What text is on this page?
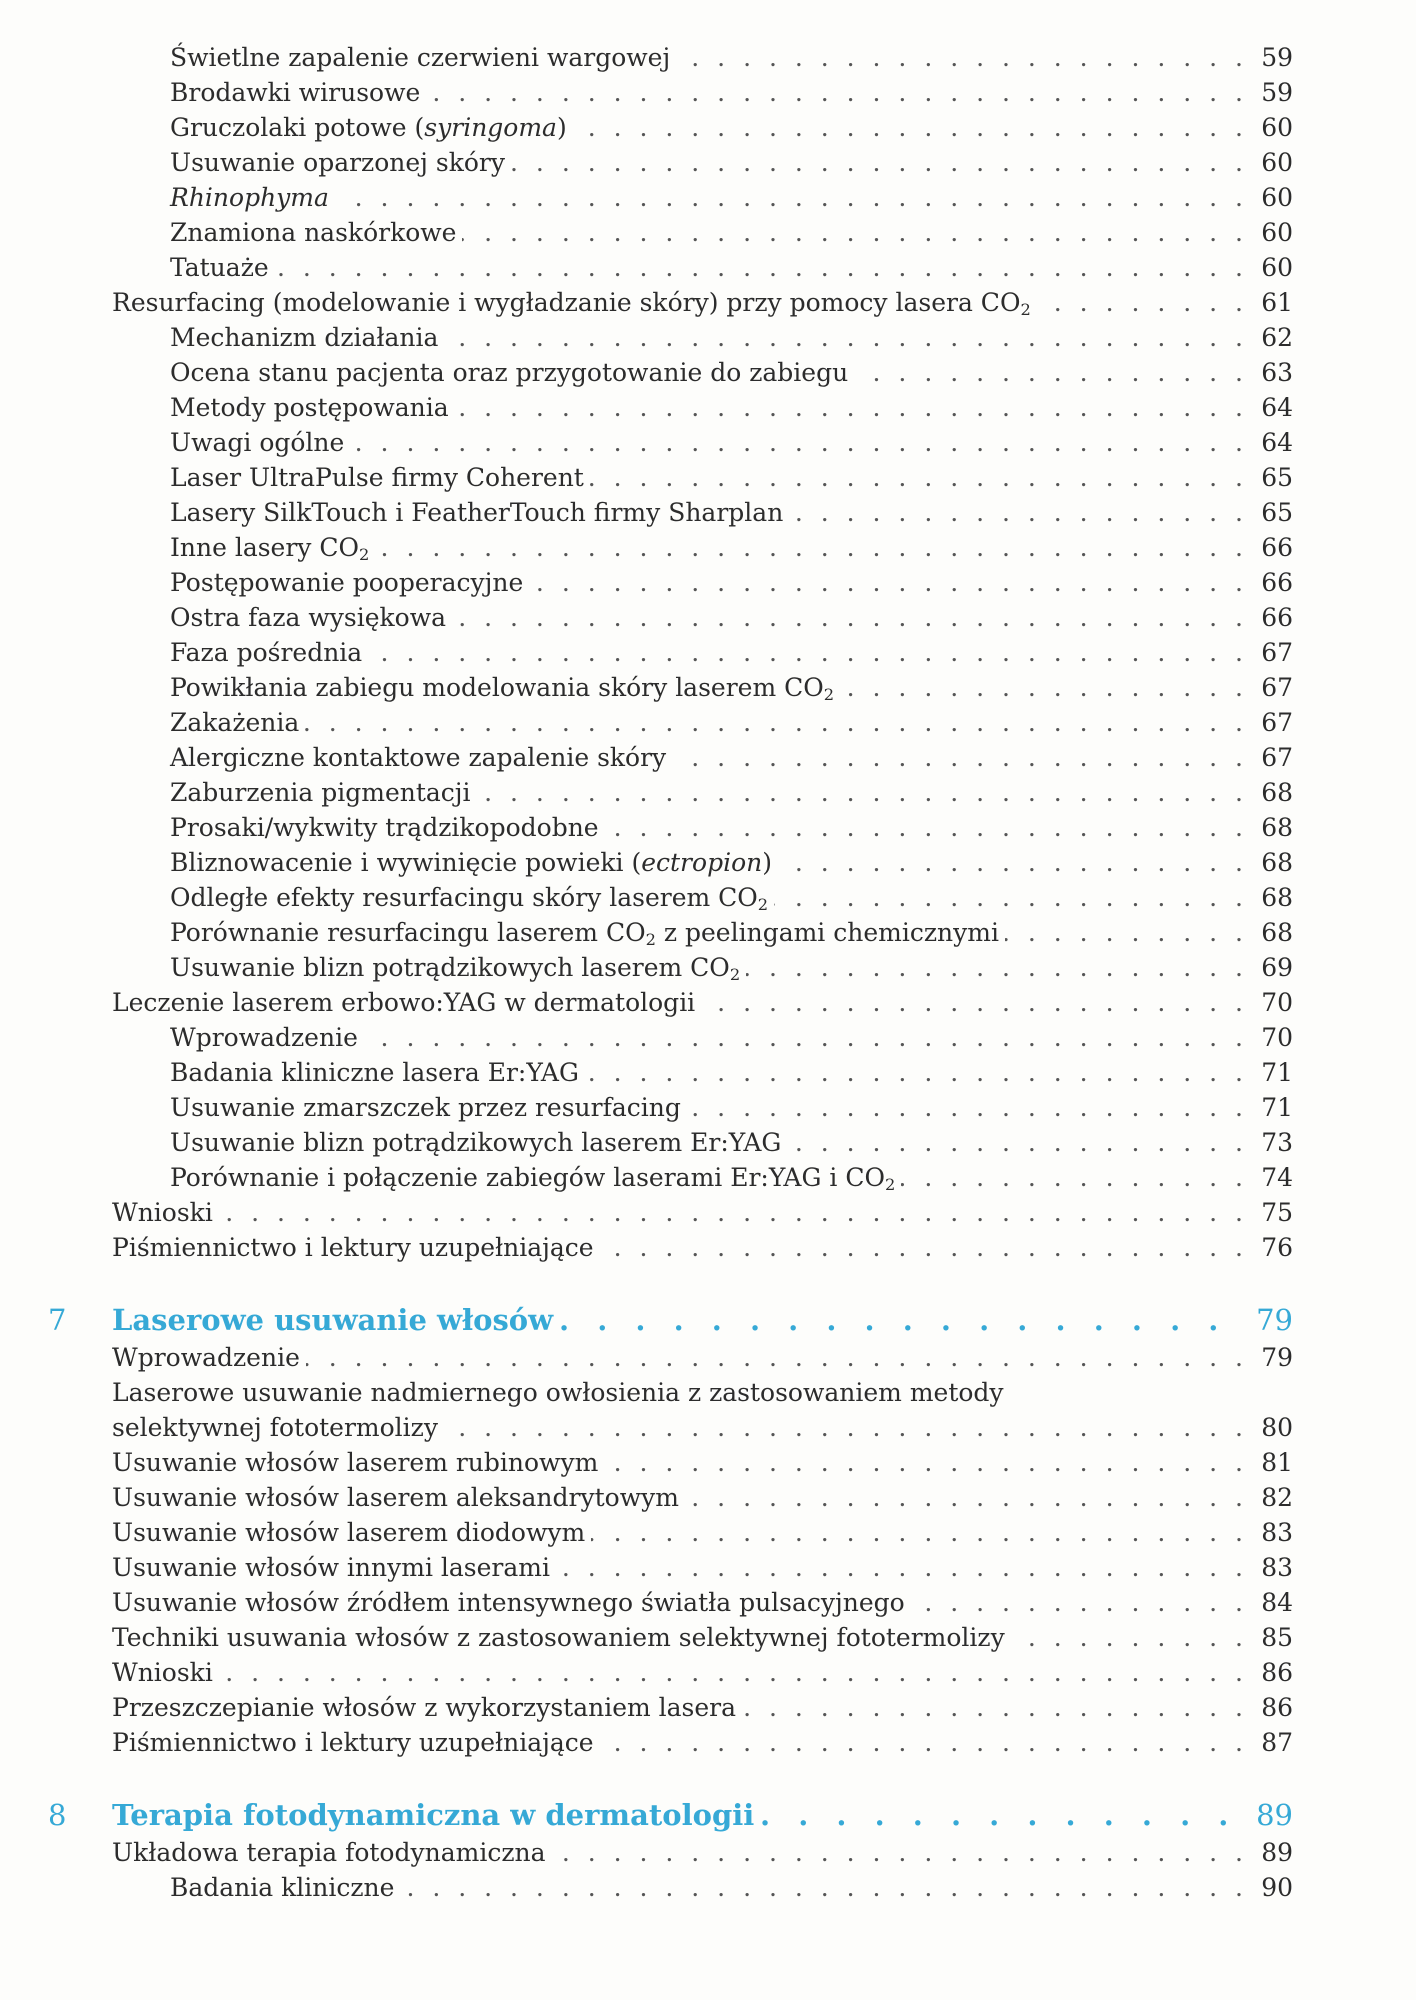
Świetlne zapalenie czerwieni wargowej . . .	59
Brodawki wirusowe . . .	59
Gruczolaki potowe (syringoma) . . .	60
Usuwanie oparzonej skóry . . .	60
Rhinophyma . . .	60
Znamiona naskórkowe . . .	60
Tatuaże . . .	60
Resurfacing (modelowanie i wygładzanie skóry) przy pomocy lasera $CO_2$ . . .	61
Mechanizm działania . . .	62
Ocena stanu pacjenta oraz przygotowanie do zabiegu . . .	63
Metody postępowania . . .	64
Uwagi ogólne . . .	64
Laser UltraPulse firmy Coherent . . .	65
Lasery SilkTouch i FeatherTouch firmy Sharplan . . .	65
Inne lasery $CO_2$ . . .	66
Postępowanie pooperacyjne . . .	66
Ostra faza wysiękowa . . .	66
Faza pośrednia . . .	67
Powikłania zabiegu modelowania skóry laserem $CO_2$ . . .	67
Zakażenia . . .	67
Alergiczne kontaktowe zapalenie skóry . . .	67
Zaburzenia pigmentacji . . .	68
Prosaki/wykwity trądzikopodobne . . .	68
Bliznowacenie i wywinięcie powieki (ectropion) . . .	68
Odległe efekty resurfacingu skóry laserem $CO_2$ . . .	68
Porównanie resurfacingu laserem $CO_2$ z peelingami chemicznymi . . .	68
Usuwanie blizn potrądzikowych laserem $CO_2$ . . .	69
Leczenie laserem erbowo:YAG w dermatologii . . .	70
Wprowadzenie . . .	70
Badania kliniczne lasera Er:YAG . . .	71
Usuwanie zmarszczek przez resurfacing . . .	71
Usuwanie blizn potrądzikowych laserem Er:YAG . . .	73
Porównanie i połączenie zabiegów laserami Er:YAG i $CO_2$ . . .	74
Wnioski . . .	75
Piśmiennictwo i lektury uzupełniające . . .	76
7 Laserowe usuwanie włosów . . .	79
Wprowadzenie . . .	79
Laserowe usuwanie nadmiernego owłosienia z zastosowaniem metody
selektywnej fototermolizy . . .	80
Usuwanie włosów laserem rubinowym . . .	81
Usuwanie włosów laserem aleksandrytowym . . .	82
Usuwanie włosów laserem diodowym . . .	83
Usuwanie włosów innymi laserami . . .	83
Usuwanie włosów źródłem intensywnego światła pulsacyjnego . . .	84
Techniki usuwania włosów z zastosowaniem selektywnej fototermolizy . . .	85
Wnioski . . .	86
Przeszczepianie włosów z wykorzystaniem lasera . . .	86
Piśmiennictwo i lektury uzupełniające . . .	87
8 Terapia fotodynamiczna w dermatologii . . .	89
Układowa terapia fotodynamiczna . . .	89
Badania kliniczne . . .	90
